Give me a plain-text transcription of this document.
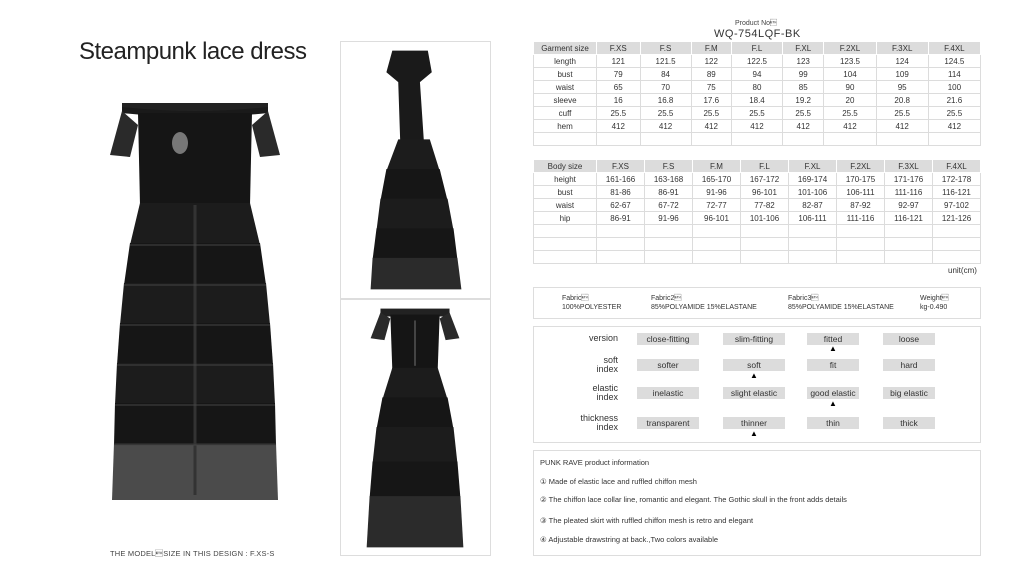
Steampunk lace dress
THE MODELSIZE IN THIS DESIGN : F.XS-S
Product No
WQ-754LQF-BK
Garment size	F.XS	F.S	F.M	F.L	F.XL	F.2XL	F.3XL	F.4XL
length	121	121.5	122	122.5	123	123.5	124	124.5
bust	79	84	89	94	99	104	109	114
waist	65	70	75	80	85	90	95	100
sleeve	16	16.8	17.6	18.4	19.2	20	20.8	21.6
cuff	25.5	25.5	25.5	25.5	25.5	25.5	25.5	25.5
hem	412	412	412	412	412	412	412	412

Body size	F.XS	F.S	F.M	F.L	F.XL	F.2XL	F.3XL	F.4XL
height	161-166	163-168	165-170	167-172	169-174	170-175	171-176	172-178
bust	81-86	86-91	91-96	96-101	101-106	106-111	111-116	116-121
waist	62-67	67-72	72-77	77-82	82-87	87-92	92-97	97-102
hip	86-91	91-96	96-101	101-106	106-111	111-116	116-121	121-126

unit(cm)
Fabric
100%POLYESTER
Fabric2
85%POLYAMIDE 15%ELASTANE
Fabric3
85%POLYAMIDE 15%ELASTANE
Weight
kg-0.490
version	close-fitting	slim-fitting	fitted	loose
▲
soft
index	softer	soft	fit	hard
▲
elastic
index	inelastic	slight elastic	good elastic	big elastic
▲
thickness
index	transparent	thinner	thin	thick
▲
PUNK RAVE product information
① Made of elastic lace and ruffled chiffon mesh
② The chiffon lace collar line, romantic and elegant. The Gothic skull in the front adds details
③ The pleated skirt with ruffled chiffon mesh is retro and elegant
④ Adjustable drawstring at back.,Two colors available
